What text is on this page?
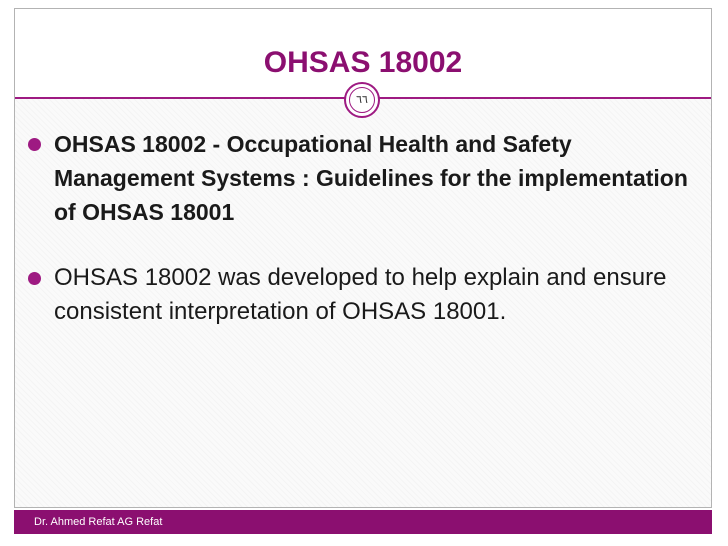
OHSAS 18002
٦٦
OHSAS 18002 - Occupational Health and Safety Management Systems : Guidelines for the implementation of OHSAS 18001
OHSAS 18002 was developed to help explain and ensure consistent interpretation of OHSAS 18001.
Dr. Ahmed Refat AG Refat
